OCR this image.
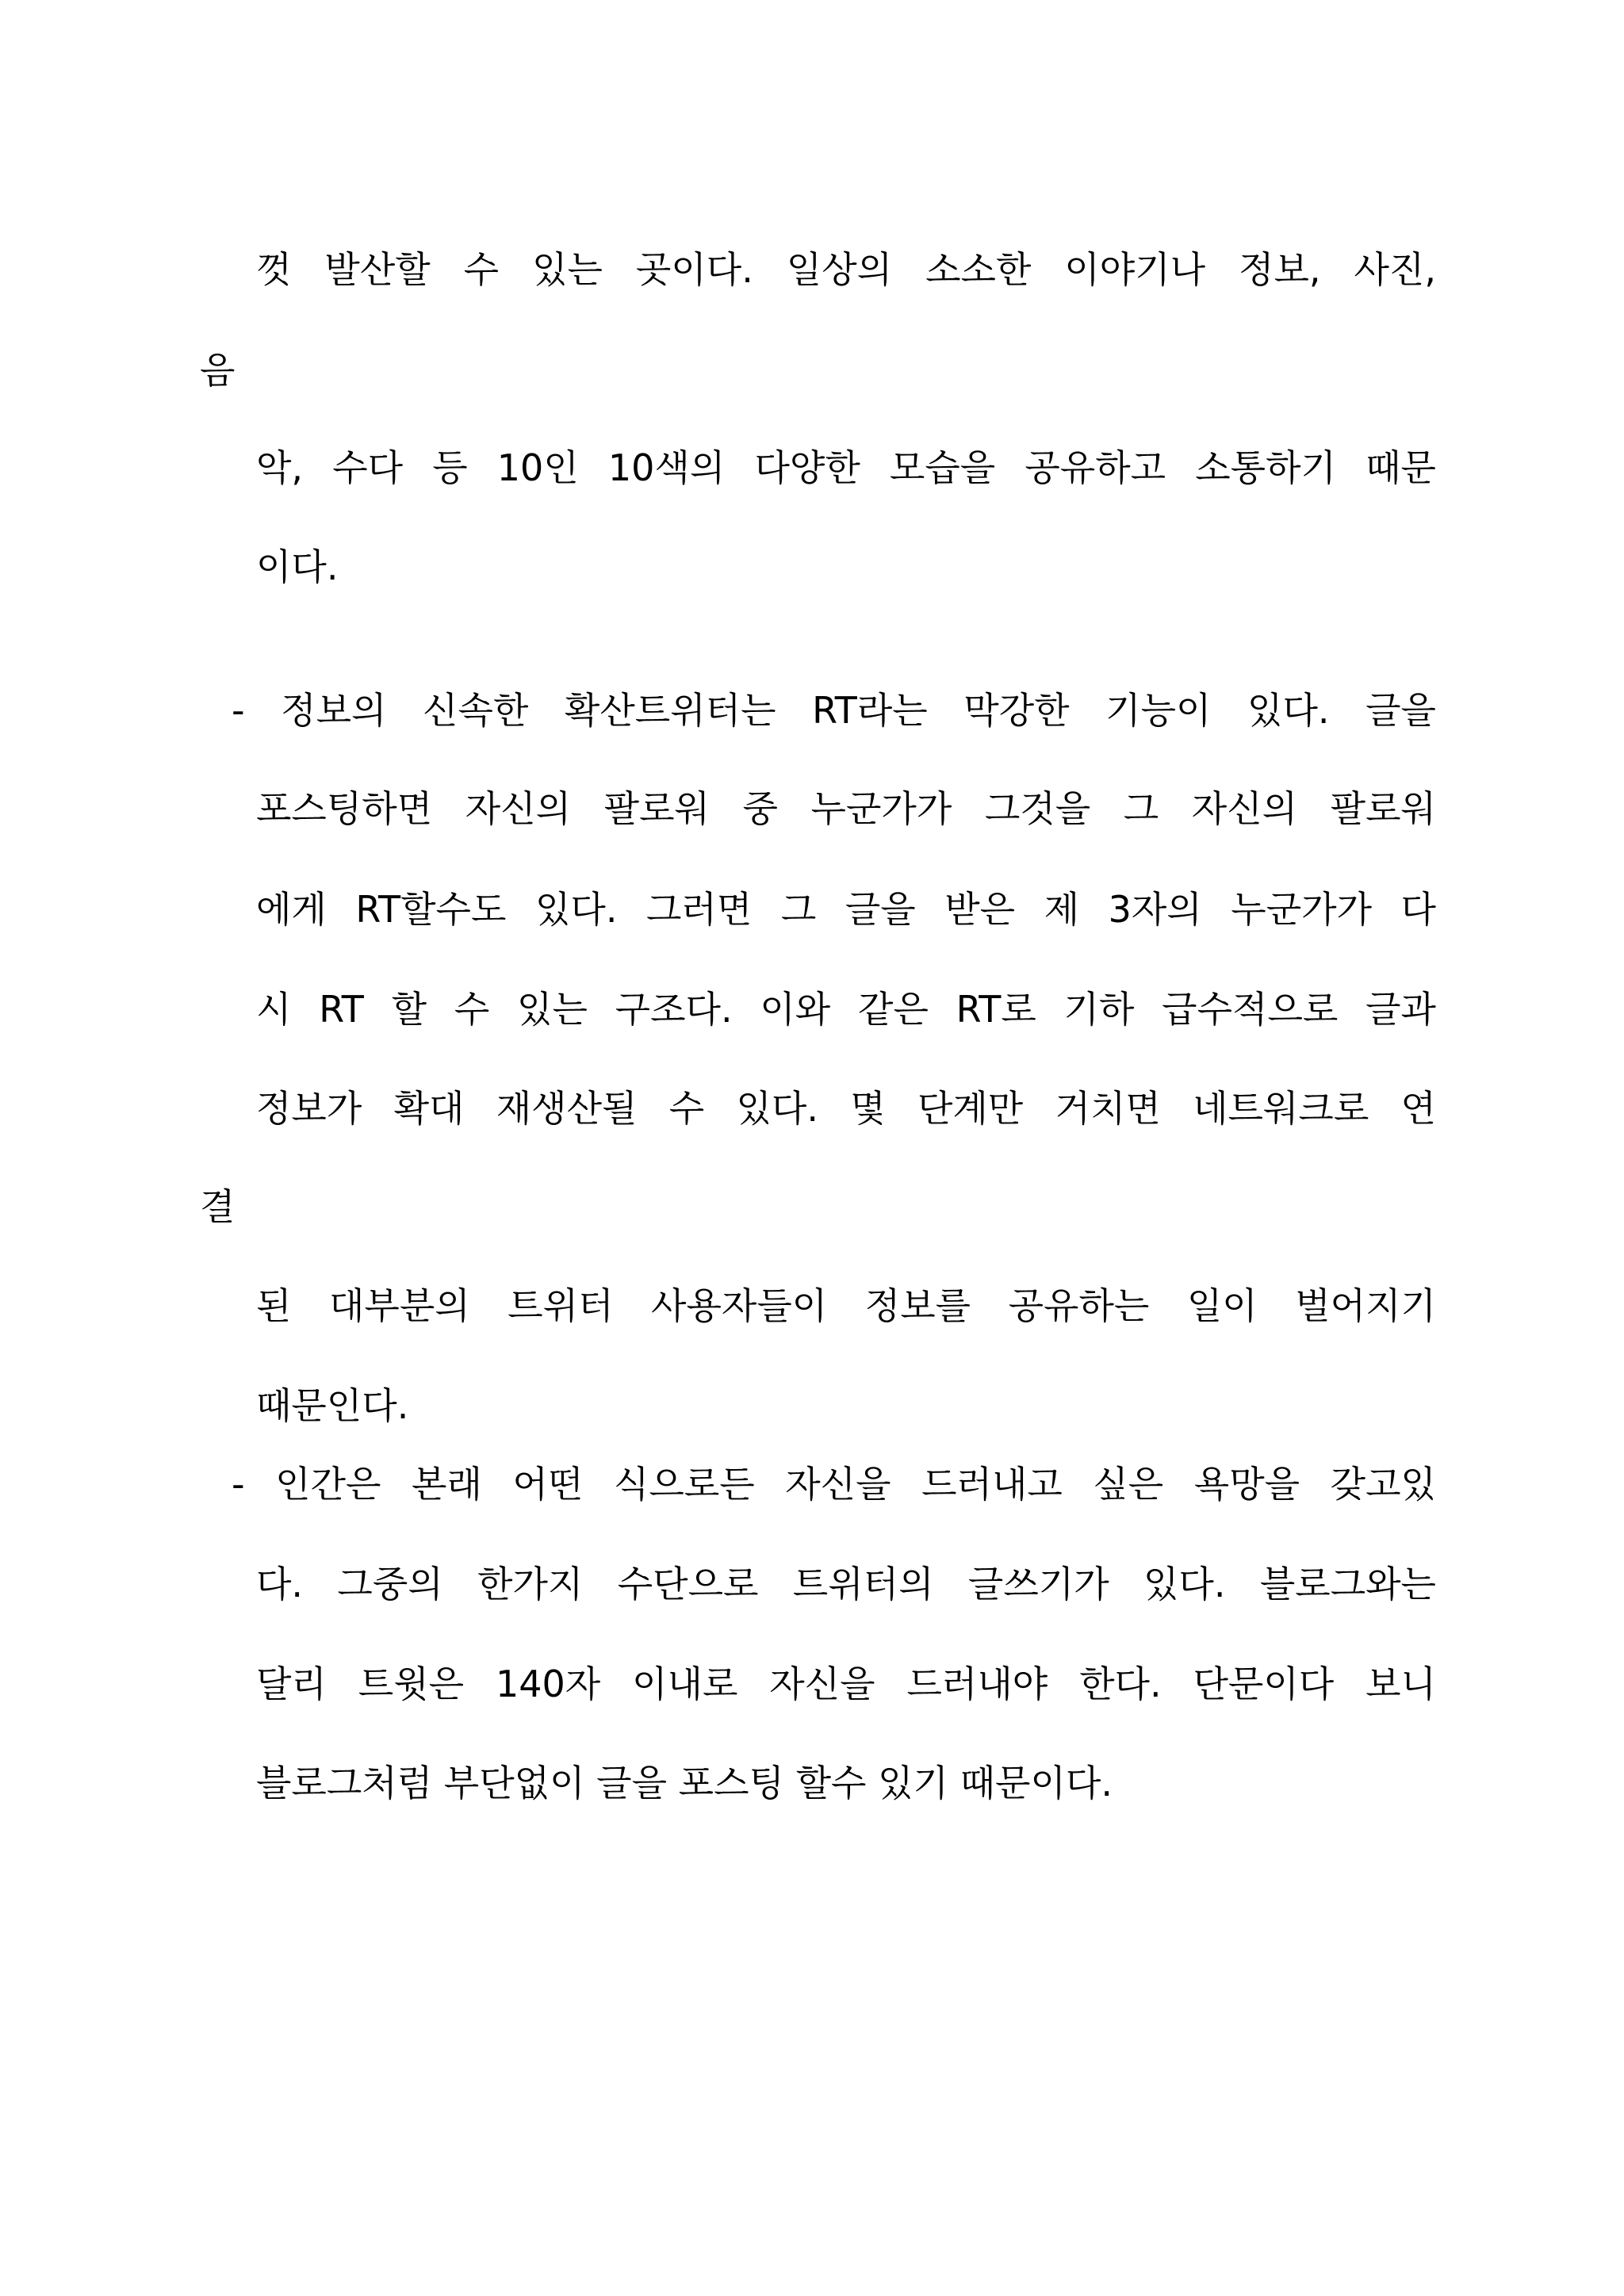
껏 발산할 수 있는 곳이다. 일상의 소소한 이야기나 정보, 사진,
음
악, 수다 등 10인 10색의 다양한 모습을 공유하고 소통하기 때문
이다.
- 정보의 신속한 확산트위터는 RT라는 막강한 기능이 있다. 글을
포스팅하면 자신의 팔로워 중 누군가가 그것을 그 자신의 팔로워
에게 RT할수도 있다. 그러면 그 글을 받은 제 3자의 누군가가 다
시 RT 할 수 있는 구조다. 이와 같은 RT로 기하 급수적으로 글과
정보가 확대 재생산될 수 있다. 몇 단계만 거치면 네트워크로 연
결
된 대부분의 트위터 사용자들이 정보를 공유하는 일이 벌어지기
때문인다.
- 인간은 본래 어떤 식으로든 자신을 드러내고 싶은 욕망을 갖고있
다. 그중의 한가지 수단으로 트위터의 글쓰기가 있다. 블로그와는
달리 트윗은 140자 이내로 자신을 드러내야 한다. 단문이다 보니
블로그처럼 부단없이 글을 포스팅 할수 있기 때문이다.
